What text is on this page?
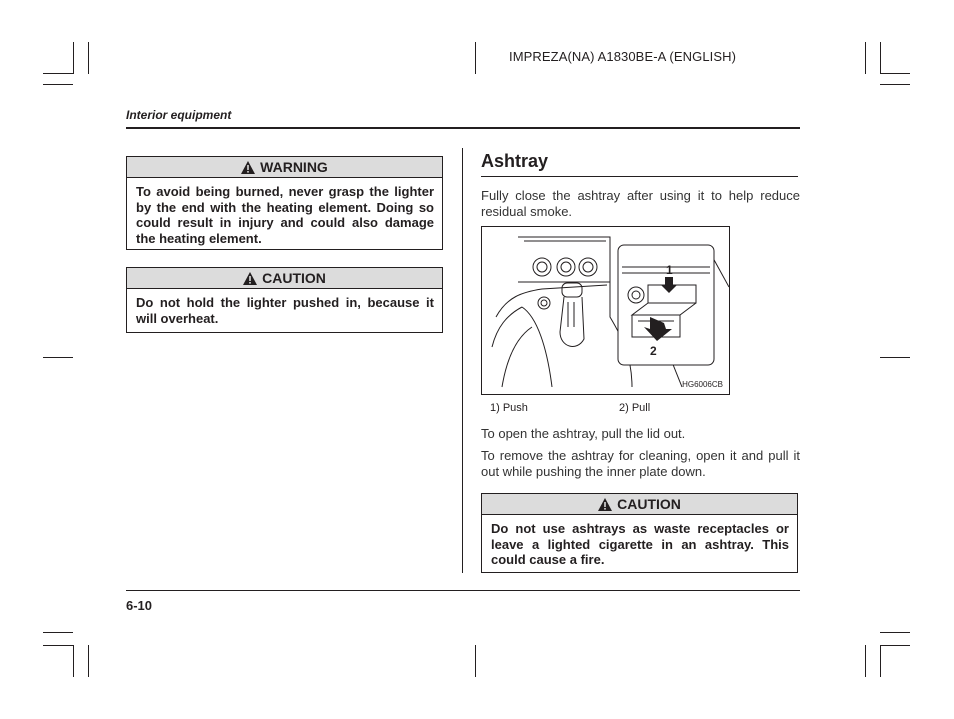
IMPREZA(NA) A1830BE-A (ENGLISH)
Interior equipment
WARNING
To avoid being burned, never grasp the lighter by the end with the heating element. Doing so could result in injury and could also damage the heating element.
CAUTION
Do not hold the lighter pushed in, because it will overheat.
Ashtray
Fully close the ashtray after using it to help reduce residual smoke.
1
2
HG6006CB
1) Push	2) Pull
To open the ashtray, pull the lid out.
To remove the ashtray for cleaning, open it and pull it out while pushing the inner plate down.
CAUTION
Do not use ashtrays as waste receptacles or leave a lighted cigarette in an ashtray. This could cause a fire.
6-10
